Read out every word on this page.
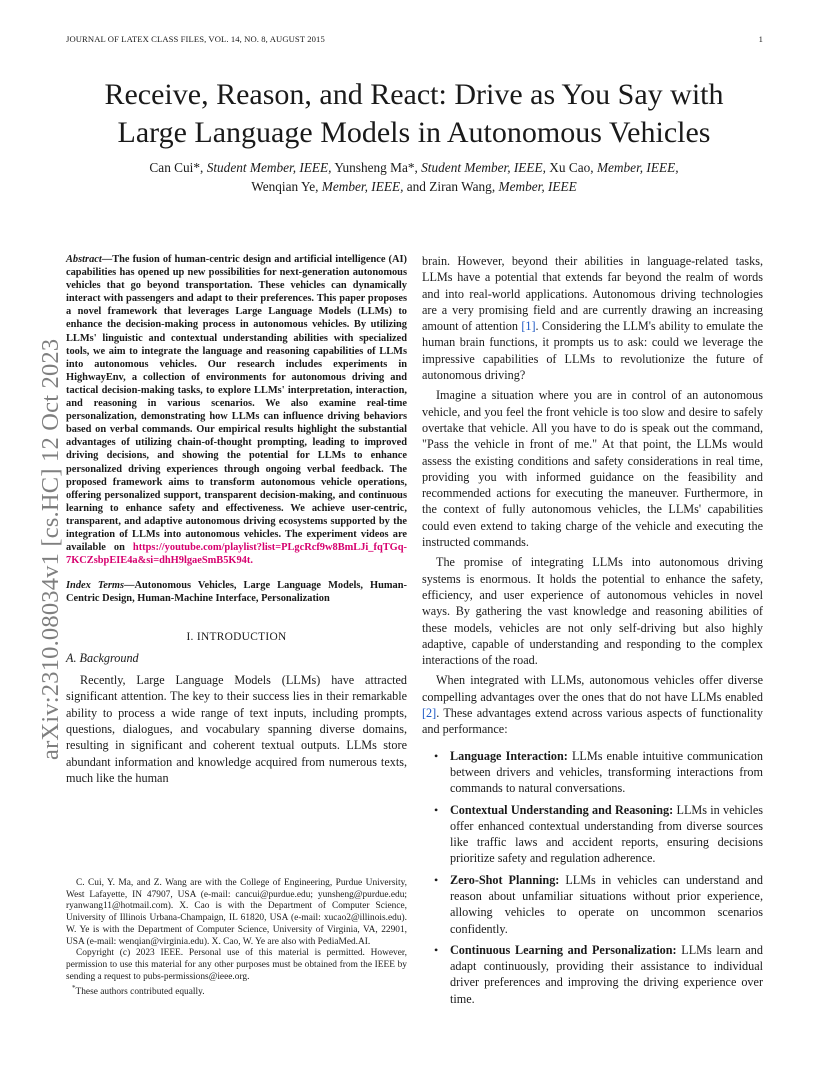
JOURNAL OF LATEX CLASS FILES, VOL. 14, NO. 8, AUGUST 2015	1
arXiv:2310.08034v1 [cs.HC] 12 Oct 2023
Receive, Reason, and React: Drive as You Say with
Large Language Models in Autonomous Vehicles
Can Cui*, Student Member, IEEE, Yunsheng Ma*, Student Member, IEEE, Xu Cao, Member, IEEE,
Wenqian Ye, Member, IEEE, and Ziran Wang, Member, IEEE

Abstract—The fusion of human-centric design and artificial intelligence (AI) capabilities has opened up new possibilities for next-generation autonomous vehicles that go beyond transportation. These vehicles can dynamically interact with passengers and adapt to their preferences. This paper proposes a novel framework that leverages Large Language Models (LLMs) to enhance the decision-making process in autonomous vehicles. By utilizing LLMs' linguistic and contextual understanding abilities with specialized tools, we aim to integrate the language and reasoning capabilities of LLMs into autonomous vehicles. Our research includes experiments in HighwayEnv, a collection of environments for autonomous driving and tactical decision-making tasks, to explore LLMs' interpretation, interaction, and reasoning in various scenarios. We also examine real-time personalization, demonstrating how LLMs can influence driving behaviors based on verbal commands. Our empirical results highlight the substantial advantages of utilizing chain-of-thought prompting, leading to improved driving decisions, and showing the potential for LLMs to enhance personalized driving experiences through ongoing verbal feedback. The proposed framework aims to transform autonomous vehicle operations, offering personalized support, transparent decision-making, and continuous learning to enhance safety and effectiveness. We achieve user-centric, transparent, and adaptive autonomous driving ecosystems supported by the integration of LLMs into autonomous vehicles. The experiment videos are available on https://youtube.com/playlist?list=PLgcRcf9w8BmLJi_fqTGq-7KCZsbpEIE4a&si=dhH9lgaeSmB5K94t.

Index Terms—Autonomous Vehicles, Large Language Models, Human-Centric Design, Human-Machine Interface, Personalization

I. INTRODUCTION
A. Background

Recently, Large Language Models (LLMs) have attracted significant attention. The key to their success lies in their remarkable ability to process a wide range of text inputs, including prompts, questions, dialogues, and vocabulary spanning diverse domains, resulting in significant and coherent textual outputs. LLMs store abundant information and knowledge acquired from numerous texts, much like the human

C. Cui, Y. Ma, and Z. Wang are with the College of Engineering, Purdue University, West Lafayette, IN 47907, USA (e-mail: cancui@purdue.edu; yunsheng@purdue.edu; ryanwang11@hotmail.com). X. Cao is with the Department of Computer Science, University of Illinois Urbana-Champaign, IL 61820, USA (e-mail: xucao2@illinois.edu). W. Ye is with the Department of Computer Science, University of Virginia, VA, 22901, USA (e-mail: wenqian@virginia.edu). X. Cao, W. Ye are also with PediaMed.AI.

Copyright (c) 2023 IEEE. Personal use of this material is permitted. However, permission to use this material for any other purposes must be obtained from the IEEE by sending a request to pubs-permissions@ieee.org.

*These authors contributed equally.

brain. However, beyond their abilities in language-related tasks, LLMs have a potential that extends far beyond the realm of words and into real-world applications. Autonomous driving technologies are a very promising field and are currently drawing an increasing amount of attention [1]. Considering the LLM's ability to emulate the human brain functions, it prompts us to ask: could we leverage the impressive capabilities of LLMs to revolutionize the future of autonomous driving?

Imagine a situation where you are in control of an autonomous vehicle, and you feel the front vehicle is too slow and desire to safely overtake that vehicle. All you have to do is speak out the command, "Pass the vehicle in front of me." At that point, the LLMs would assess the existing conditions and safety considerations in real time, providing you with informed guidance on the feasibility and recommended actions for executing the maneuver. Furthermore, in the context of fully autonomous vehicles, the LLMs' capabilities could even extend to taking charge of the vehicle and executing the instructed commands.

The promise of integrating LLMs into autonomous driving systems is enormous. It holds the potential to enhance the safety, efficiency, and user experience of autonomous vehicles in novel ways. By gathering the vast knowledge and reasoning abilities of these models, vehicles are not only self-driving but also highly adaptive, capable of understanding and responding to the complex interactions of the road.

When integrated with LLMs, autonomous vehicles offer diverse compelling advantages over the ones that do not have LLMs enabled [2]. These advantages extend across various aspects of functionality and performance:

• Language Interaction: LLMs enable intuitive communication between drivers and vehicles, transforming interactions from commands to natural conversations.
• Contextual Understanding and Reasoning: LLMs in vehicles offer enhanced contextual understanding from diverse sources like traffic laws and accident reports, ensuring decisions prioritize safety and regulation adherence.
• Zero-Shot Planning: LLMs in vehicles can understand and reason about unfamiliar situations without prior experience, allowing vehicles to operate on uncommon scenarios confidently.
• Continuous Learning and Personalization: LLMs learn and adapt continuously, providing their assistance to individual driver preferences and improving the driving experience over time.
